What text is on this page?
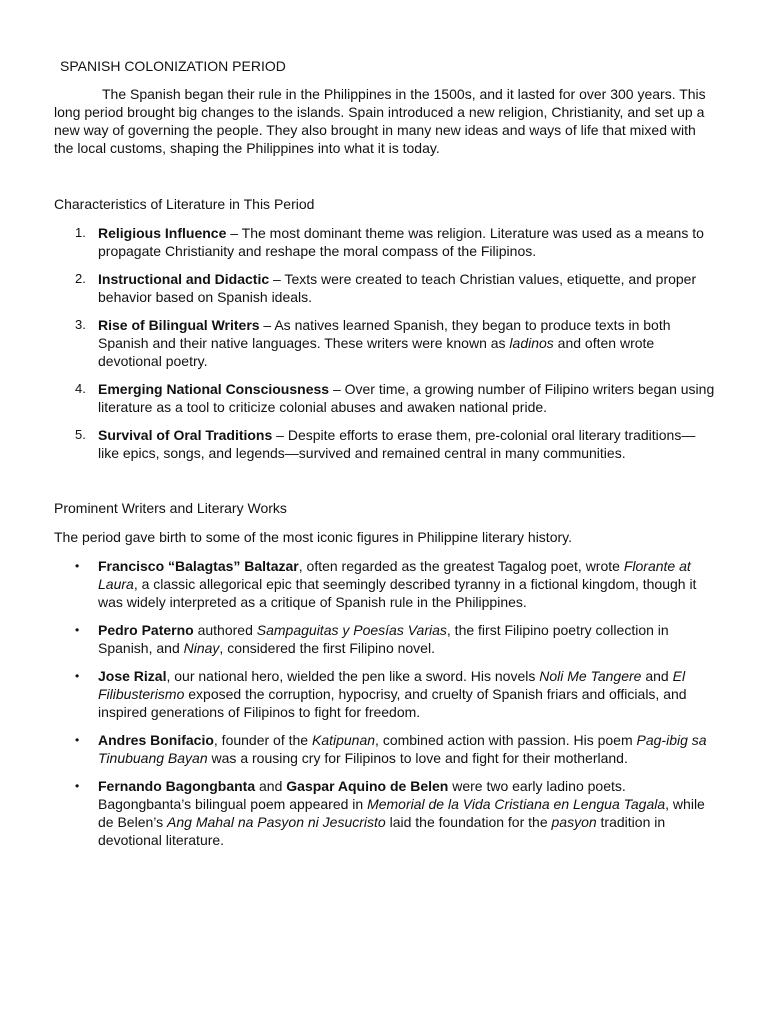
SPANISH COLONIZATION PERIOD

The Spanish began their rule in the Philippines in the 1500s, and it lasted for over 300 years. This long period brought big changes to the islands. Spain introduced a new religion, Christianity, and set up a new way of governing the people. They also brought in many new ideas and ways of life that mixed with the local customs, shaping the Philippines into what it is today.

Characteristics of Literature in This Period
1. Religious Influence – The most dominant theme was religion. Literature was used as a means to propagate Christianity and reshape the moral compass of the Filipinos.
2. Instructional and Didactic – Texts were created to teach Christian values, etiquette, and proper behavior based on Spanish ideals.
3. Rise of Bilingual Writers – As natives learned Spanish, they began to produce texts in both Spanish and their native languages. These writers were known as ladinos and often wrote devotional poetry.
4. Emerging National Consciousness – Over time, a growing number of Filipino writers began using literature as a tool to criticize colonial abuses and awaken national pride.
5. Survival of Oral Traditions – Despite efforts to erase them, pre-colonial oral literary traditions—like epics, songs, and legends—survived and remained central in many communities.
Prominent Writers and Literary Works

The period gave birth to some of the most iconic figures in Philippine literary history.

• Francisco “Balagtas” Baltazar, often regarded as the greatest Tagalog poet, wrote Florante at Laura, a classic allegorical epic that seemingly described tyranny in a fictional kingdom, though it was widely interpreted as a critique of Spanish rule in the Philippines.
• Pedro Paterno authored Sampaguitas y Poesías Varias, the first Filipino poetry collection in Spanish, and Ninay, considered the first Filipino novel.
• Jose Rizal, our national hero, wielded the pen like a sword. His novels Noli Me Tangere and El Filibusterismo exposed the corruption, hypocrisy, and cruelty of Spanish friars and officials, and inspired generations of Filipinos to fight for freedom.
• Andres Bonifacio, founder of the Katipunan, combined action with passion. His poem Pag-ibig sa Tinubuang Bayan was a rousing cry for Filipinos to love and fight for their motherland.
• Fernando Bagongbanta and Gaspar Aquino de Belen were two early ladino poets. Bagongbanta’s bilingual poem appeared in Memorial de la Vida Cristiana en Lengua Tagala, while de Belen’s Ang Mahal na Pasyon ni Jesucristo laid the foundation for the pasyon tradition in devotional literature.
